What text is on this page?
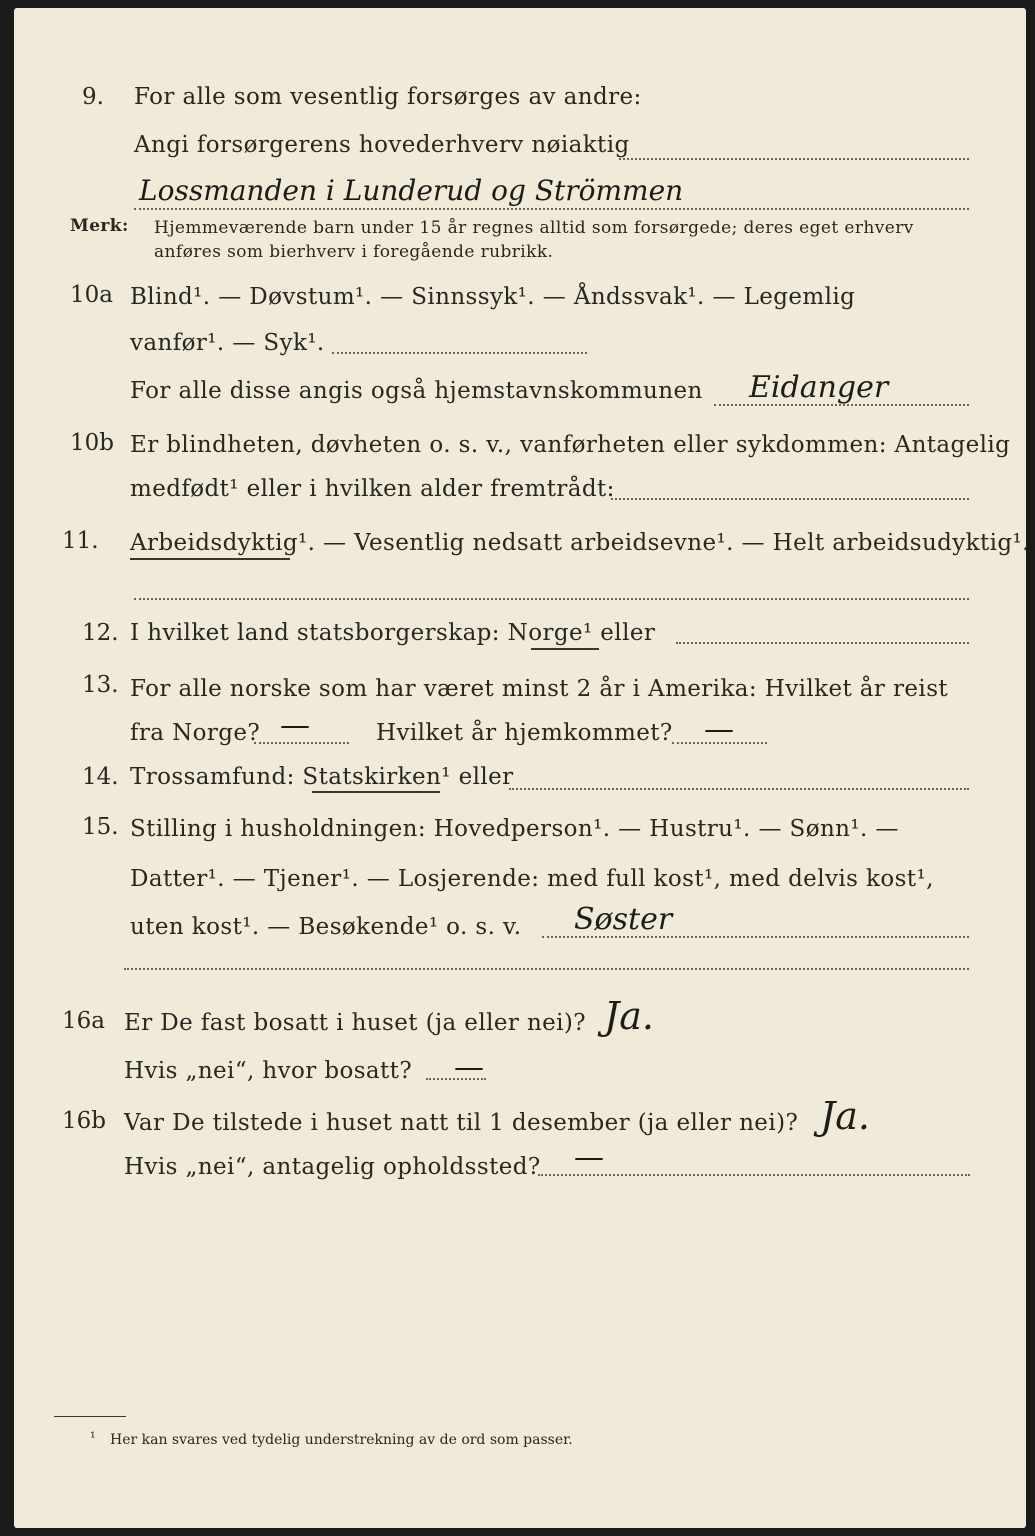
9. For alle som vesentlig forsørges av andre:
Angi forsørgerens hovederhverv nøiaktig
Lossmanden i Lunderud og Strömmen
Merk: Hjemmeværende barn under 15 år regnes alltid som forsørgede; deres eget erhverv
anføres som bierhverv i foregående rubrikk.
10a Blind¹. — Døvstum¹. — Sinnssyk¹. — Åndssvak¹. — Legemlig
vanfør¹. — Syk¹.
For alle disse angis også hjemstavnskommunen Eidanger
10b Er blindheten, døvheten o. s. v., vanførheten eller sykdommen: Antagelig
medfødt¹ eller i hvilken alder fremtrådt:
11. Arbeidsdyktig¹. — Vesentlig nedsatt arbeidsevne¹. — Helt arbeidsudyktig¹.
12. I hvilket land statsborgerskap: Norge¹ eller
13. For alle norske som har været minst 2 år i Amerika: Hvilket år reist
fra Norge? —	Hvilket år hjemkommet? —
14. Trossamfund: Statskirken¹ eller
15. Stilling i husholdningen: Hovedperson¹. — Hustru¹. — Sønn¹. —
Datter¹. — Tjener¹. — Losjerende: med full kost¹, med delvis kost¹,
uten kost¹. — Besøkende¹ o. s. v. Søster
16a Er De fast bosatt i huset (ja eller nei)? Ja.
Hvis „nei“, hvor bosatt? —
16b Var De tilstede i huset natt til 1 desember (ja eller nei)? Ja.
Hvis „nei“, antagelig opholdssted? —
¹ Her kan svares ved tydelig understrekning av de ord som passer.
